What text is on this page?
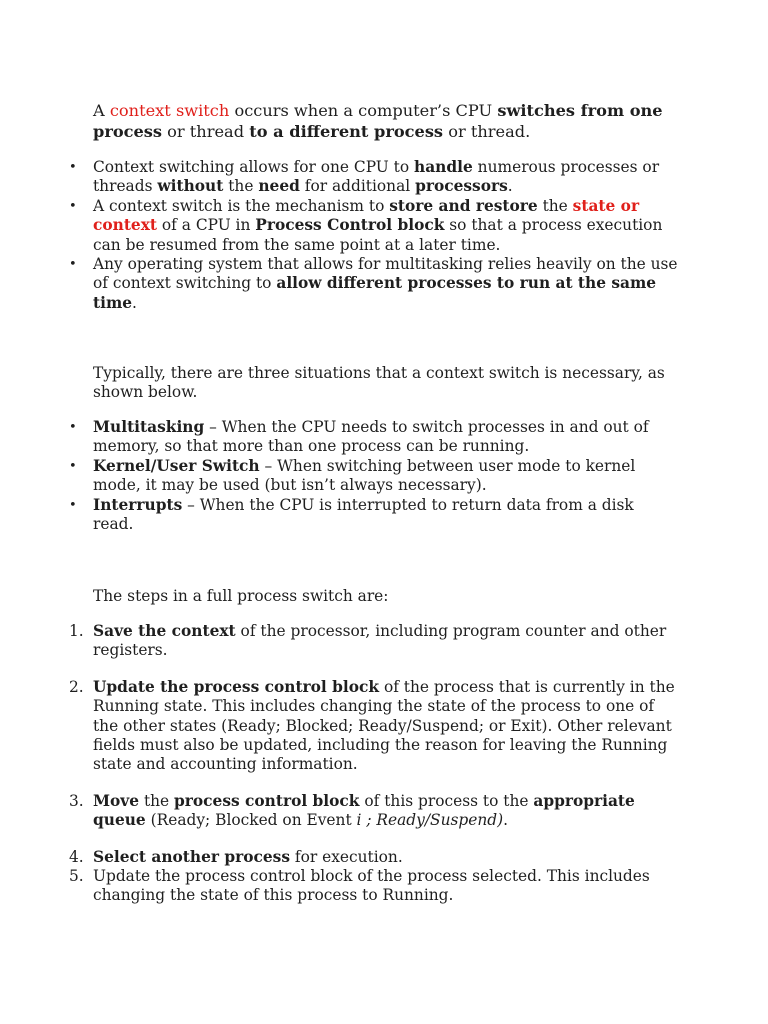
A context switch occurs when a computer’s CPU switches from one process or thread to a different process or thread.

• Context switching allows for one CPU to handle numerous processes or threads without the need for additional processors.
• A context switch is the mechanism to store and restore the state or context of a CPU in Process Control block so that a process execution can be resumed from the same point at a later time.
• Any operating system that allows for multitasking relies heavily on the use of context switching to allow different processes to run at the same time.

Typically, there are three situations that a context switch is necessary, as shown below.

• Multitasking – When the CPU needs to switch processes in and out of memory, so that more than one process can be running.
• Kernel/User Switch – When switching between user mode to kernel mode, it may be used (but isn’t always necessary).
• Interrupts – When the CPU is interrupted to return data from a disk read.

The steps in a full process switch are:

1. Save the context of the processor, including program counter and other registers.
2. Update the process control block of the process that is currently in the Running state. This includes changing the state of the process to one of the other states (Ready; Blocked; Ready/Suspend; or Exit). Other relevant fields must also be updated, including the reason for leaving the Running state and accounting information.
3. Move the process control block of this process to the appropriate queue (Ready; Blocked on Event i ; Ready/Suspend).
4. Select another process for execution.
5. Update the process control block of the process selected. This includes changing the state of this process to Running.
